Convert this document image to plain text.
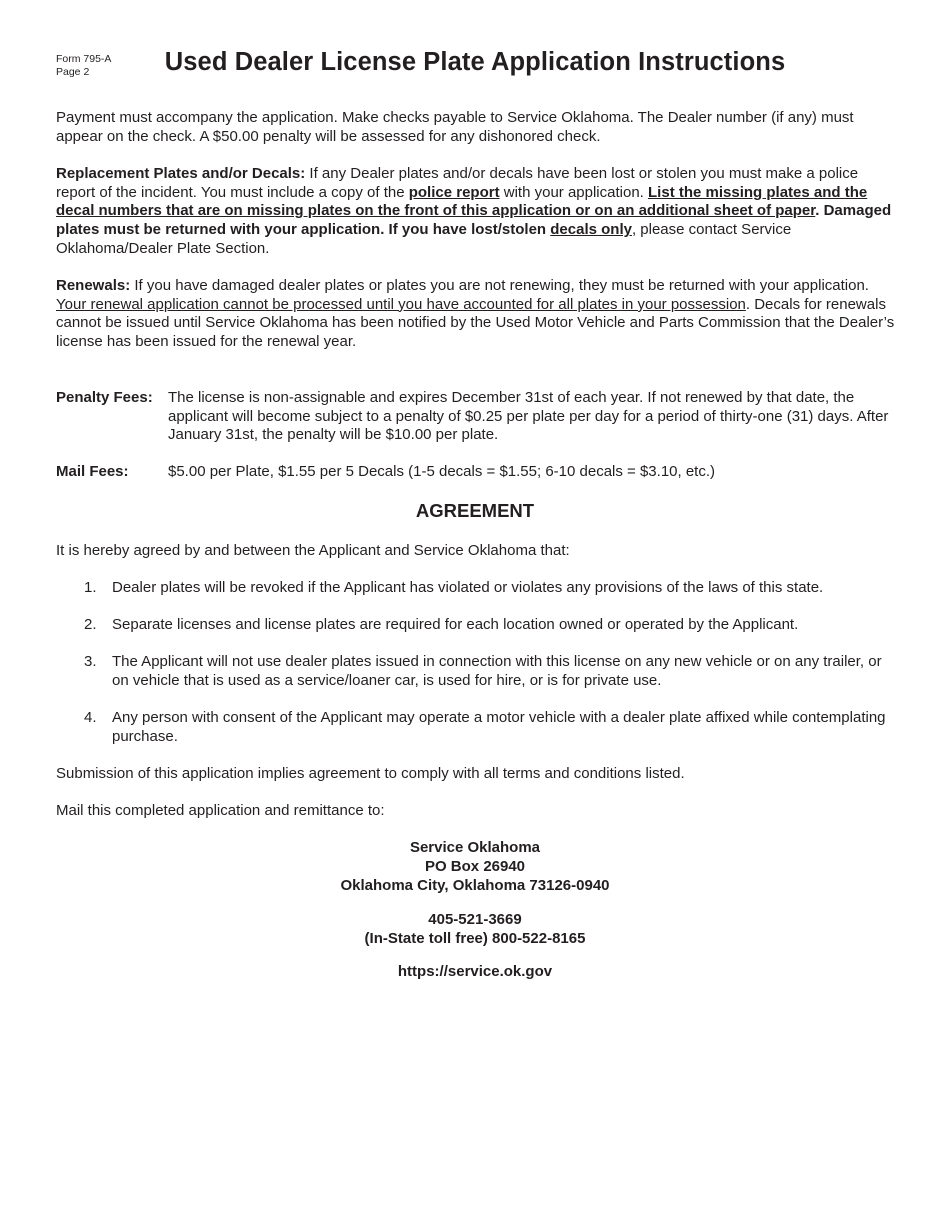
Form 795-A
Page 2	Used Dealer License Plate Application Instructions
Payment must accompany the application. Make checks payable to Service Oklahoma. The Dealer number (if any) must appear on the check. A $50.00 penalty will be assessed for any dishonored check.
Replacement Plates and/or Decals: If any Dealer plates and/or decals have been lost or stolen you must make a police report of the incident. You must include a copy of the police report with your application. List the missing plates and the decal numbers that are on missing plates on the front of this application or on an additional sheet of paper. Damaged plates must be returned with your application. If you have lost/stolen decals only, please contact Service Oklahoma/Dealer Plate Section.
Renewals: If you have damaged dealer plates or plates you are not renewing, they must be returned with your application. Your renewal application cannot be processed until you have accounted for all plates in your possession. Decals for renewals cannot be issued until Service Oklahoma has been notified by the Used Motor Vehicle and Parts Commission that the Dealer’s license has been issued for the renewal year.
Penalty Fees:	The license is non-assignable and expires December 31st of each year. If not renewed by that date, the applicant will become subject to a penalty of $0.25 per plate per day for a period of thirty-one (31) days. After January 31st, the penalty will be $10.00 per plate.
Mail Fees:	$5.00 per Plate, $1.55 per 5 Decals (1-5 decals = $1.55; 6-10 decals = $3.10, etc.)
AGREEMENT
It is hereby agreed by and between the Applicant and Service Oklahoma that:
1.	Dealer plates will be revoked if the Applicant has violated or violates any provisions of the laws of this state.
2.	Separate licenses and license plates are required for each location owned or operated by the Applicant.
3.	The Applicant will not use dealer plates issued in connection with this license on any new vehicle or on any trailer, or on vehicle that is used as a service/loaner car, is used for hire, or is for private use.
4.	Any person with consent of the Applicant may operate a motor vehicle with a dealer plate affixed while contemplating purchase.
Submission of this application implies agreement to comply with all terms and conditions listed.
Mail this completed application and remittance to:
Service Oklahoma
PO Box 26940
Oklahoma City, Oklahoma 73126-0940
405-521-3669
(In-State toll free) 800-522-8165
https://service.ok.gov
